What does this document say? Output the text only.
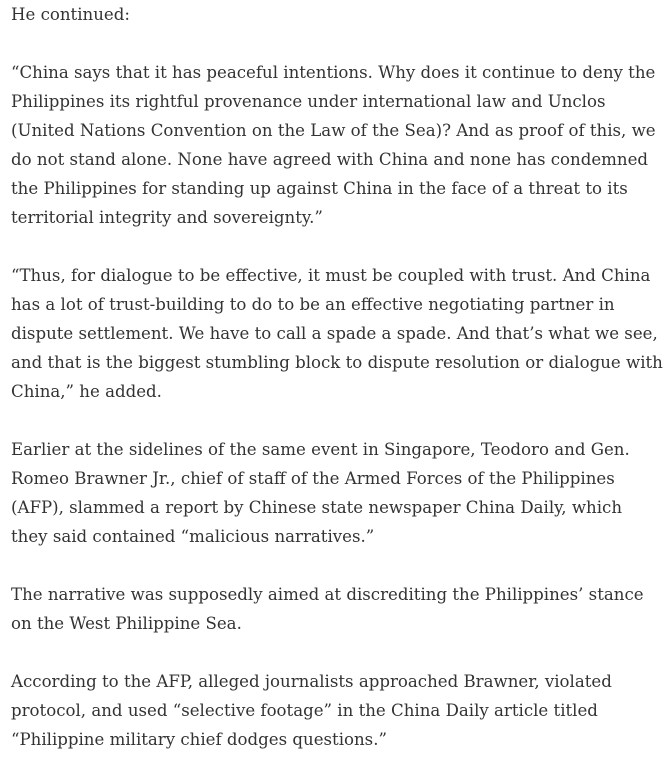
He continued:

“China says that it has peaceful intentions. Why does it continue to deny the Philippines its rightful provenance under international law and Unclos (United Nations Convention on the Law of the Sea)? And as proof of this, we do not stand alone. None have agreed with China and none has condemned the Philippines for standing up against China in the face of a threat to its territorial integrity and sovereignty.”

“Thus, for dialogue to be effective, it must be coupled with trust. And China has a lot of trust-building to do to be an effective negotiating partner in dispute settlement. We have to call a spade a spade. And that’s what we see, and that is the biggest stumbling block to dispute resolution or dialogue with China,” he added.

Earlier at the sidelines of the same event in Singapore, Teodoro and Gen. Romeo Brawner Jr., chief of staff of the Armed Forces of the Philippines (AFP), slammed a report by Chinese state newspaper China Daily, which they said contained “malicious narratives.”

The narrative was supposedly aimed at discrediting the Philippines’ stance on the West Philippine Sea.

According to the AFP, alleged journalists approached Brawner, violated protocol, and used “selective footage” in the China Daily article titled “Philippine military chief dodges questions.”
